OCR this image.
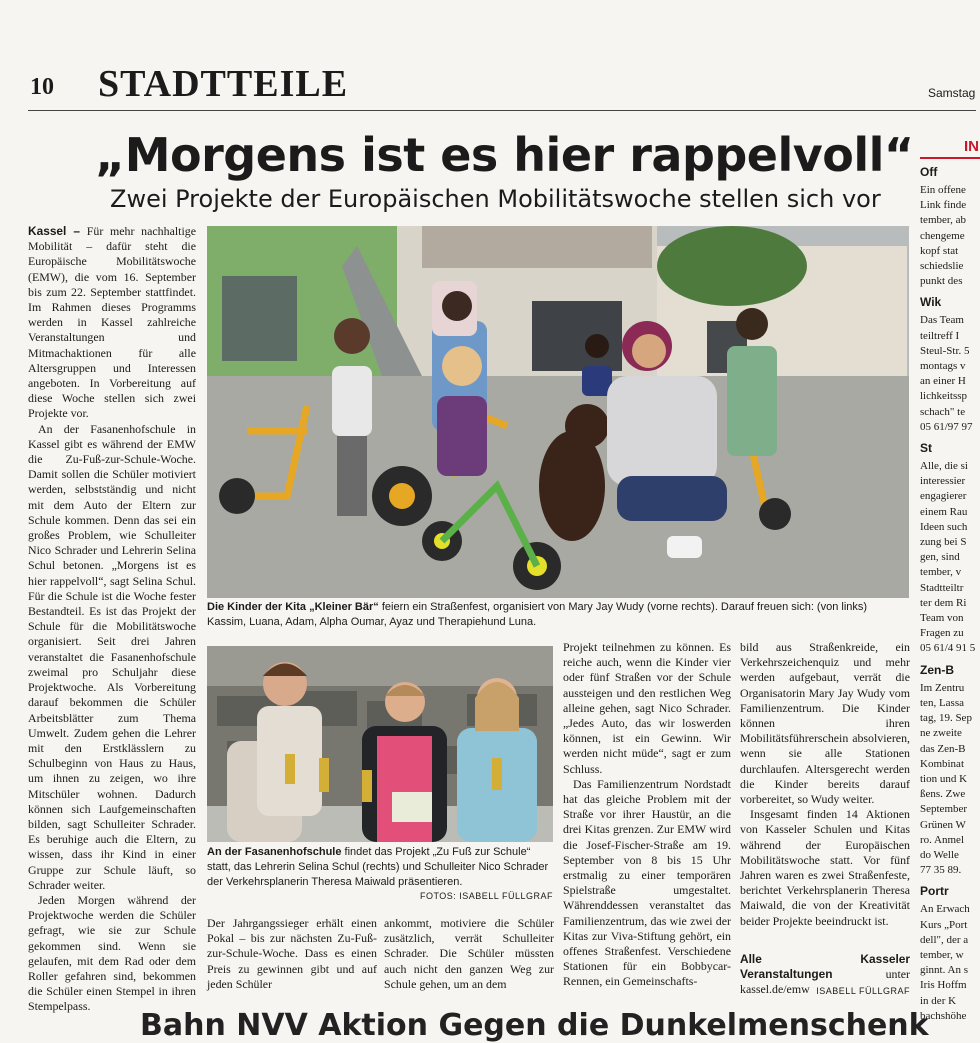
10 STADTTEILE	Samstag
„Morgens ist es hier rappelvoll“
Zwei Projekte der Europäischen Mobilitätswoche stellen sich vor

Kassel – Für mehr nachhaltige Mobilität – dafür steht die Europäische Mobilitätswoche (EMW), die vom 16. September bis zum 22. September stattfindet. Im Rahmen dieses Programms werden in Kassel zahlreiche Veranstaltungen und Mitmachaktionen für alle Altersgruppen und Interessen angeboten. In Vorbereitung auf diese Woche stellen sich zwei Projekte vor.

An der Fasanenhofschule in Kassel gibt es während der EMW die Zu-Fuß-zur-Schule-Woche. Damit sollen die Schüler motiviert werden, selbstständig und nicht mit dem Auto der Eltern zur Schule kommen. Denn das sei ein großes Problem, wie Schulleiter Nico Schrader und Lehrerin Selina Schul betonen. „Morgens ist es hier rappelvoll“, sagt Selina Schul. Für die Schule ist die Woche fester Bestandteil. Es ist das Projekt der Schule für die Mobilitätswoche organisiert. Seit drei Jahren veranstaltet die Fasanenhofschule zweimal pro Schuljahr diese Projektwoche. Als Vorbereitung darauf bekommen die Schüler Arbeitsblätter zum Thema Umwelt. Zudem gehen die Lehrer mit den Erstklässlern zu Schulbeginn von Haus zu Haus, um ihnen zu zeigen, wo ihre Mitschüler wohnen. Dadurch können sich Laufgemeinschaften bilden, sagt Schulleiter Schrader. Es beruhige auch die Eltern, zu wissen, dass ihr Kind in einer Gruppe zur Schule läuft, so Schrader weiter.

Jeden Morgen während der Projektwoche werden die Schüler gefragt, wie sie zur Schule gekommen sind. Wenn sie gelaufen, mit dem Rad oder dem Roller gefahren sind, bekommen die Schüler einen Stempel in ihren Stempelpass.

Die Kinder der Kita „Kleiner Bär“ feiern ein Straßenfest, organisiert von Mary Jay Wudy (vorne rechts). Darauf freuen sich: (von links) Kassim, Luana, Adam, Alpha Oumar, Ayaz und Therapiehund Luna.
An der Fasanenhofschule findet das Projekt „Zu Fuß zur Schule“ statt, das Lehrerin Selina Schul (rechts) und Schulleiter Nico Schrader der Verkehrsplanerin Theresa Maiwald präsentieren.
FOTOS: ISABELL FÜLLGRAF

Der Jahrgangssieger erhält einen Pokal – bis zur nächsten Zu-Fuß-zur-Schule-Woche. Dass es einen Preis zu gewinnen gibt und auf jeden Schüler

ankommt, motiviere die Schüler zusätzlich, verrät Schulleiter Schrader. Die Schüler müssten auch nicht den ganzen Weg zur Schule gehen, um an dem

Projekt teilnehmen zu können. Es reiche auch, wenn die Kinder vier oder fünf Straßen vor der Schule aussteigen und den restlichen Weg alleine gehen, sagt Nico Schrader. „Jedes Auto, das wir loswerden können, ist ein Gewinn. Wir werden nicht müde“, sagt er zum Schluss.

Das Familienzentrum Nordstadt hat das gleiche Problem mit der Straße vor ihrer Haustür, an die drei Kitas grenzen. Zur EMW wird die Josef-Fischer-Straße am 19. September von 8 bis 15 Uhr erstmalig zu einer temporären Spielstraße umgestaltet. Währenddessen veranstaltet das Familienzentrum, das wie zwei der Kitas zur Viva-Stiftung gehört, ein offenes Straßenfest. Verschiedene Stationen für ein Bobbycar-Rennen, ein Gemeinschafts-

bild aus Straßenkreide, ein Verkehrszeichenquiz und mehr werden aufgebaut, verrät die Organisatorin Mary Jay Wudy vom Familienzentrum. Die Kinder können ihren Mobilitätsführerschein absolvieren, wenn sie alle Stationen durchlaufen. Altersgerecht werden die Kinder bereits darauf vorbereitet, so Wudy weiter.

Insgesamt finden 14 Aktionen von Kasseler Schulen und Kitas während der Europäischen Mobilitätswoche statt. Vor fünf Jahren waren es zwei Straßenfeste, berichtet Verkehrsplanerin Theresa Maiwald, die von der Kreativität beider Projekte beeindruckt ist.

Alle Kasseler Veranstaltungen unter kassel.de/emw ISABELL FÜLLGRAF
IN
Off
Ein offene
Link finde
tember, ab
chengeme
kopf stat
schiedslie
punkt des
Wik
Das Team
teiltreff I
Steul-Str. 5
montags v
an einer H
lichkeitssp
schach" te
05 61/97 97
St
Alle, die si
interessier
engagierer
einem Rau
Ideen such
zung bei S
gen, sind
tember, v
Stadtteiltr
ter dem Ri
Team von
Fragen zu
05 61/4 91 5
Zen-B
Im Zentru
ten, Lassa
tag, 19. Sep
ne zweite
das Zen-B
Kombinat
tion und K
ßens. Zwe
September
Grünen W
ro. Anmel
do Welle
77 35 89.
Portr
An Erwach
Kurs „Port
dell", der a
tember, w
ginnt. An s
Iris Hoffm
in der K
bachshöhe
Bahn NVV Aktion Gegen die Dunkelmenschenk
